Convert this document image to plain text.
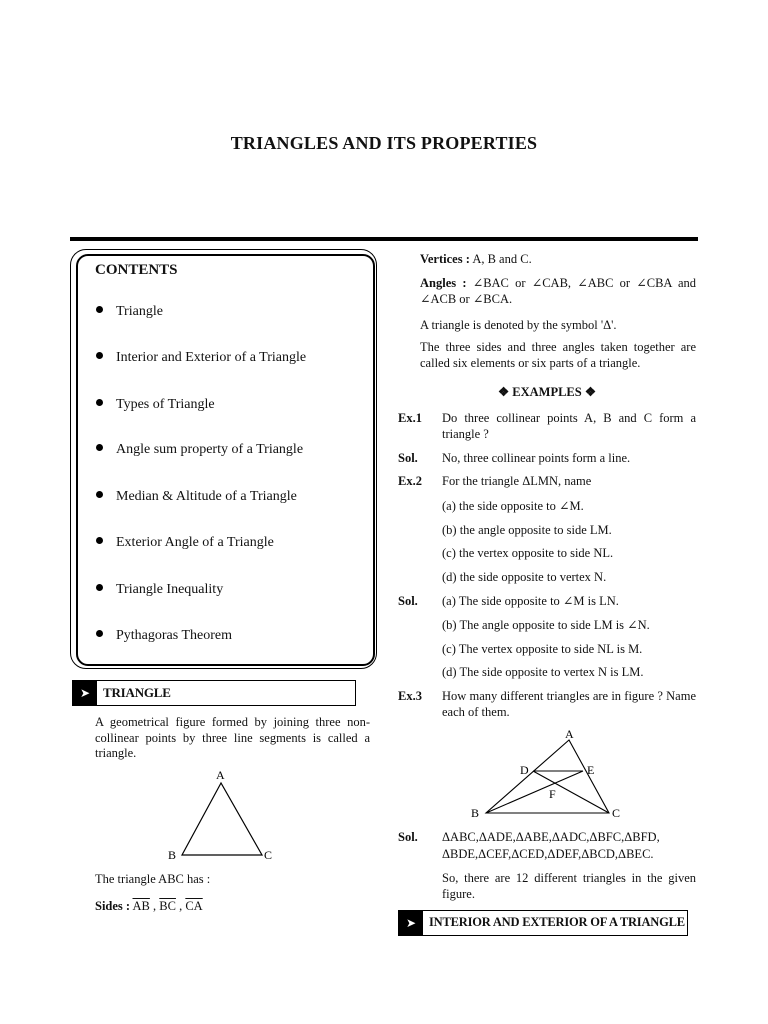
TRIANGLES AND ITS PROPERTIES
CONTENTS
Triangle
Interior and Exterior of a Triangle
Types of Triangle
Angle sum property of a Triangle
Median & Altitude of a Triangle
Exterior Angle of a Triangle
Triangle Inequality
Pythagoras Theorem
➤ TRIANGLE
A geometrical figure formed by joining three non-collinear points by three line segments is called a triangle.
A
B	C
The triangle ABC has :
Sides : $\overline{AB}$ , $\overline{BC}$ , $\overline{CA}$
Vertices : A, B and C.
Angles : ∠BAC or ∠CAB, ∠ABC or ∠CBA and ∠ACB or ∠BCA.
A triangle is denoted by the symbol 'Δ'.
The three sides and three angles taken together are called six elements or six parts of a triangle.
❖ EXAMPLES ❖
Ex.1 Do three collinear points A, B and C form a triangle ?
Sol. No, three collinear points form a line.
Ex.2 For the triangle ΔLMN, name
(a) the side opposite to ∠M.
(b) the angle opposite to side LM.
(c) the vertex opposite to side NL.
(d) the side opposite to vertex N.
Sol. (a) The side opposite to ∠M is LN.
(b) The angle opposite to side LM is ∠N.
(c) The vertex opposite to side NL is M.
(d) The side opposite to vertex N is LM.
Ex.3 How many different triangles are in figure ? Name each of them.
A
B	C
D	E
F
Sol. ΔABC,ΔADE,ΔABE,ΔADC,ΔBFC,ΔBFD,
ΔBDE,ΔCEF,ΔCED,ΔDEF,ΔBCD,ΔBEC.
So, there are 12 different triangles in the given figure.
➤	INTERIOR AND EXTERIOR OF A TRIANGLE
